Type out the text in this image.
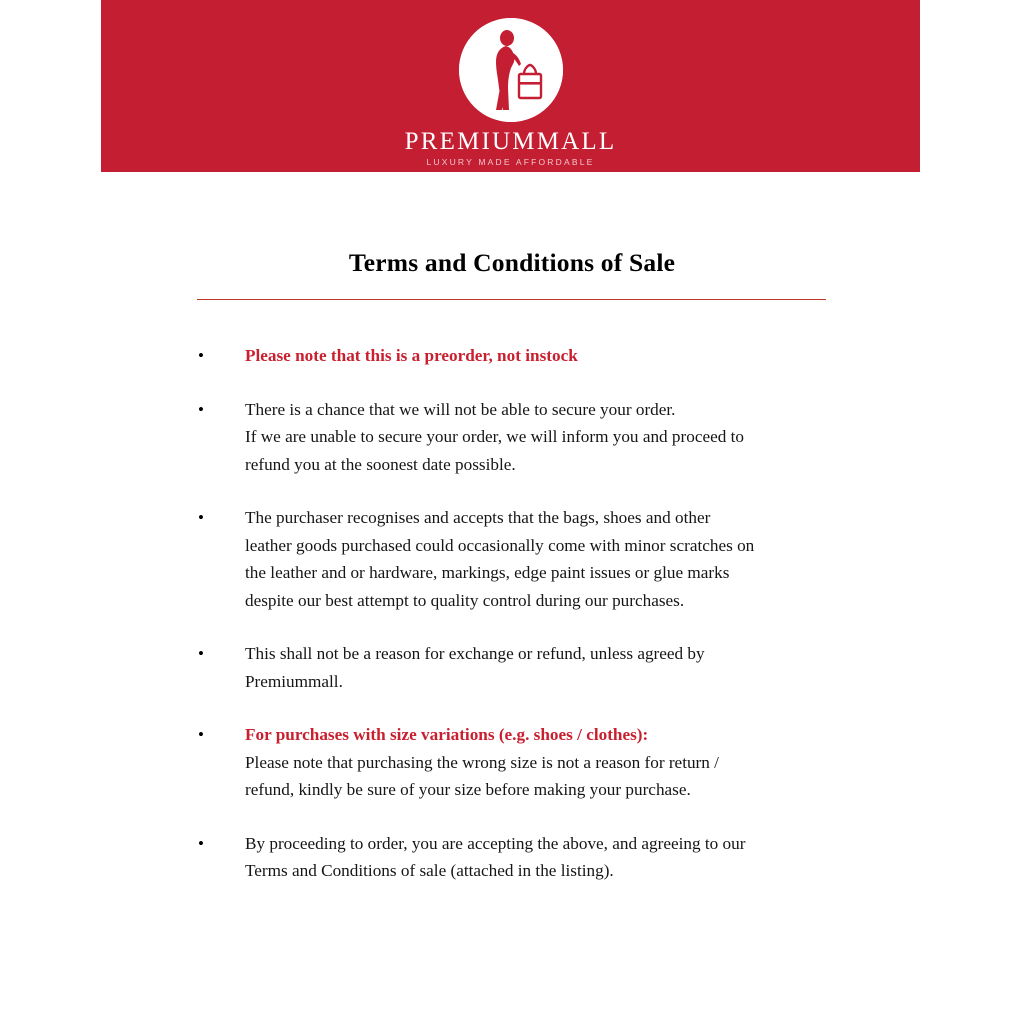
PREMIUMMALL
LUXURY MADE AFFORDABLE
Terms and Conditions of Sale
•	Please note that this is a preorder, not instock

•	There is a chance that we will not be able to secure your order.

If we are unable to secure your order, we will inform you and proceed to

refund you at the soonest date possible.

•	The purchaser recognises and accepts that the bags, shoes and other

leather goods purchased could occasionally come with minor scratches on

the leather and or hardware, markings, edge paint issues or glue marks

despite our best attempt to quality control during our purchases.

•	This shall not be a reason for exchange or refund, unless agreed by

Premiummall.

•	For purchases with size variations (e.g. shoes / clothes):

Please note that purchasing the wrong size is not a reason for return /

refund, kindly be sure of your size before making your purchase.

•	By proceeding to order, you are accepting the above, and agreeing to our

Terms and Conditions of sale (attached in the listing).
